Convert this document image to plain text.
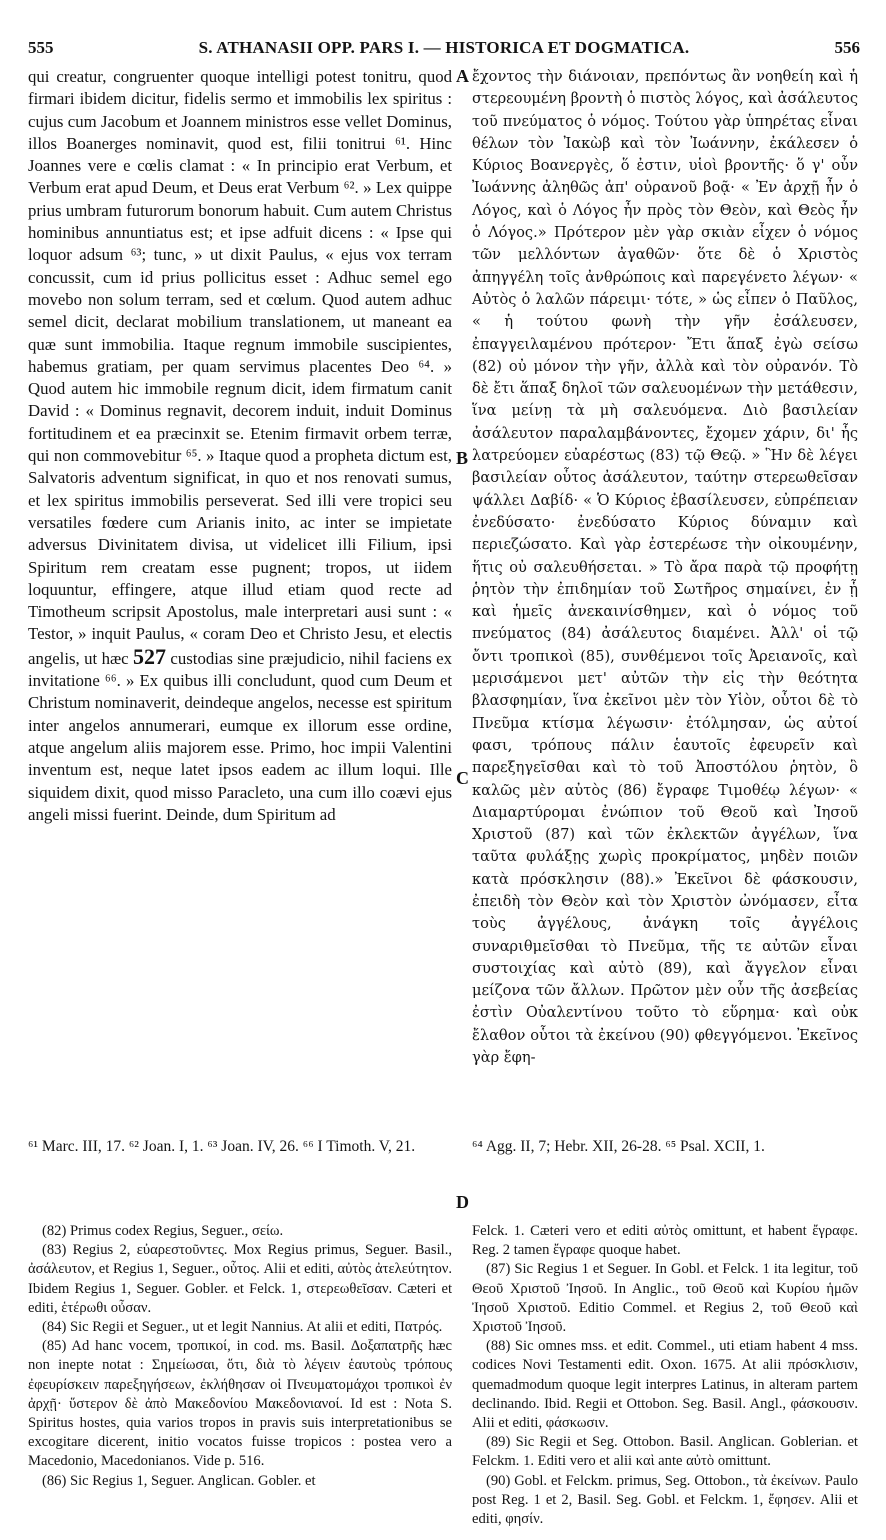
555	S. ATHANASII OPP. PARS I. — HISTORICA ET DOGMATICA.	556

qui creatur, congruenter quoque intelligi potest tonitru, quod firmari ibidem dicitur, fidelis sermo et immobilis lex spiritus : cujus cum Jacobum et Joannem ministros esse vellet Dominus, illos Boanerges nominavit, quod est, filii tonitrui ⁶¹. Hinc Joannes vere e cœlis clamat : « In principio erat Verbum, et Verbum erat apud Deum, et Deus erat Verbum ⁶². » Lex quippe prius umbram futurorum bonorum habuit. Cum autem Christus hominibus annuntiatus est; et ipse adfuit dicens : « Ipse qui loquor adsum ⁶³; tunc, » ut dixit Paulus, « ejus vox terram concussit, cum id prius pollicitus esset : Adhuc semel ego movebo non solum terram, sed et cœlum. Quod autem adhuc semel dicit, declarat mobilium translationem, ut maneant ea quæ sunt immobilia. Itaque regnum immobile suscipientes, habemus gratiam, per quam servimus placentes Deo ⁶⁴. » Quod autem hic immobile regnum dicit, idem firmatum canit David : « Dominus regnavit, decorem induit, induit Dominus fortitudinem et ea præcinxit se. Etenim firmavit orbem terræ, qui non commovebitur ⁶⁵. » Itaque quod a propheta dictum est, Salvatoris adventum significat, in quo et nos renovati sumus, et lex spiritus immobilis perseverat. Sed illi vere tropici seu versatiles fœdere cum Arianis inito, ac inter se impietate adversus Divinitatem divisa, ut videlicet illi Filium, ipsi Spiritum rem creatam esse pugnent; tropos, ut iidem loquuntur, effingere, atque illud etiam quod recte ad Timotheum scripsit Apostolus, male interpretari ausi sunt : « Testor, » inquit Paulus, « coram Deo et Christo Jesu, et electis angelis, ut hæc 527 custodias sine præjudicio, nihil faciens ex invitatione ⁶⁶. » Ex quibus illi concludunt, quod cum Deum et Christum nominaverit, deindeque angelos, necesse est spiritum inter angelos annumerari, eumque ex illorum esse ordine, atque angelum aliis majorem esse. Primo, hoc impii Valentini inventum est, neque latet ipsos eadem ac illum loqui. Ille siquidem dixit, quod misso Paracleto, una cum illo coævi ejus angeli missi fuerint. Deinde, dum Spiritum ad

A
B
C
D

ἔχοντος τὴν διάνοιαν, πρεπόντως ἂν νοηθείη καὶ ἡ στερεουμένη βροντὴ ὁ πιστὸς λόγος, καὶ ἀσάλευτος τοῦ πνεύματος ὁ νόμος. Τούτου γὰρ ὑπηρέτας εἶναι θέλων τὸν Ἰακὼβ καὶ τὸν Ἰωάννην, ἐκάλεσεν ὁ Κύριος Βοανεργὲς, ὅ ἐστιν, υἱοὶ βροντῆς· ὅ γ' οὖν Ἰωάννης ἀληθῶς ἀπ' οὐρανοῦ βοᾷ· « Ἐν ἀρχῇ ἦν ὁ Λόγος, καὶ ὁ Λόγος ἦν πρὸς τὸν Θεὸν, καὶ Θεὸς ἦν ὁ Λόγος.» Πρότερον μὲν γὰρ σκιὰν εἶχεν ὁ νόμος τῶν μελλόντων ἀγαθῶν· ὅτε δὲ ὁ Χριστὸς ἀπηγγέλη τοῖς ἀνθρώποις καὶ παρεγένετο λέγων· « Αὐτὸς ὁ λαλῶν πάρειμι· τότε, » ὡς εἶπεν ὁ Παῦλος, « ἡ τούτου φωνὴ τὴν γῆν ἐσάλευσεν, ἐπαγγειλαμένου πρότερον· Ἔτι ἅπαξ ἐγὼ σείσω (82) οὐ μόνον τὴν γῆν, ἀλλὰ καὶ τὸν οὐρανόν. Τὸ δὲ ἔτι ἅπαξ δηλοῖ τῶν σαλευομένων τὴν μετάθεσιν, ἵνα μείνῃ τὰ μὴ σαλευόμενα. Διὸ βασιλείαν ἀσάλευτον παραλαμβάνοντες, ἔχομεν χάριν, δι' ἧς λατρεύομεν εὐαρέστως (83) τῷ Θεῷ. » Ἣν δὲ λέγει βασιλείαν οὗτος ἀσάλευτον, ταύτην στερεωθεῖσαν ψάλλει Δαβίδ· « Ὁ Κύριος ἐβασίλευσεν, εὐπρέπειαν ἐνεδύσατο· ἐνεδύσατο Κύριος δύναμιν καὶ περιεζώσατο. Καὶ γὰρ ἐστερέωσε τὴν οἰκουμένην, ἥτις οὐ σαλευθήσεται. » Τὸ ἄρα παρὰ τῷ προφήτῃ ῥητὸν τὴν ἐπιδημίαν τοῦ Σωτῆρος σημαίνει, ἐν ᾗ καὶ ἡμεῖς ἀνεκαινίσθημεν, καὶ ὁ νόμος τοῦ πνεύματος (84) ἀσάλευτος διαμένει. Ἀλλ' οἱ τῷ ὄντι τροπικοὶ (85), συνθέμενοι τοῖς Ἀρειανοῖς, καὶ μερισάμενοι μετ' αὐτῶν τὴν εἰς τὴν θεότητα βλασφημίαν, ἵνα ἐκεῖνοι μὲν τὸν Υἱὸν, οὗτοι δὲ τὸ Πνεῦμα κτίσμα λέγωσιν· ἐτόλμησαν, ὡς αὐτοί φασι, τρόπους πάλιν ἑαυτοῖς ἐφευρεῖν καὶ παρεξηγεῖσθαι καὶ τὸ τοῦ Ἀποστόλου ῥητὸν, ὃ καλῶς μὲν αὐτὸς (86) ἔγραφε Τιμοθέῳ λέγων· « Διαμαρτύρομαι ἐνώπιον τοῦ Θεοῦ καὶ Ἰησοῦ Χριστοῦ (87) καὶ τῶν ἐκλεκτῶν ἀγγέλων, ἵνα ταῦτα φυλάξῃς χωρὶς προκρίματος, μηδὲν ποιῶν κατὰ πρόσκλησιν (88).» Ἐκεῖνοι δὲ φάσκουσιν, ἐπειδὴ τὸν Θεὸν καὶ τὸν Χριστὸν ὠνόμασεν, εἶτα τοὺς ἀγγέλους, ἀνάγκη τοῖς ἀγγέλοις συναριθμεῖσθαι τὸ Πνεῦμα, τῆς τε αὐτῶν εἶναι συστοιχίας καὶ αὐτὸ (89), καὶ ἄγγελον εἶναι μείζονα τῶν ἄλλων. Πρῶτον μὲν οὖν τῆς ἀσεβείας ἐστὶν Οὐαλεντίνου τοῦτο τὸ εὕρημα· καὶ οὐκ ἔλαθον οὗτοι τὰ ἐκείνου (90) φθεγγόμενοι. Ἐκεῖνος γὰρ ἔφη-

⁶¹ Marc. III, 17. ⁶² Joan. I, 1. ⁶³ Joan. IV, 26. ⁶⁶ I Timoth. V, 21.	⁶⁴ Agg. II, 7; Hebr. XII, 26-28. ⁶⁵ Psal. XCII, 1.

(82) Primus codex Regius, Seguer., σείω.

(83) Regius 2, εὐαρεστοῦντες. Mox Regius primus, Seguer. Basil., ἀσάλευτον, et Regius 1, Seguer., οὗτος. Alii et editi, αὐτὸς ἀτελεύτητον. Ibidem Regius 1, Seguer. Gobler. et Felck. 1, στερεωθεῖσαν. Cæteri et editi, ἑτέρωθι οὖσαν.

(84) Sic Regii et Seguer., ut et legit Nannius. At alii et editi, Πατρός.

(85) Ad hanc vocem, τροπικοί, in cod. ms. Basil. Δοξαπατρῆς hæc non inepte notat : Σημείωσαι, ὅτι, διὰ τὸ λέγειν ἑαυτοὺς τρόπους ἐφευρίσκειν παρεξηγήσεων, ἐκλήθησαν οἱ Πνευματομάχοι τροπικοὶ ἐν ἀρχῇ· ὕστερον δὲ ἀπὸ Μακεδονίου Μακεδονιανοί. Id est : Nota S. Spiritus hostes, quia varios tropos in pravis suis interpretationibus se excogitare dicerent, initio vocatos fuisse tropicos : postea vero a Macedonio, Macedonianos. Vide p. 516.

(86) Sic Regius 1, Seguer. Anglican. Gobler. et

Felck. 1. Cæteri vero et editi αὐτὸς omittunt, et habent ἔγραφε. Reg. 2 tamen ἔγραφε quoque habet.

(87) Sic Regius 1 et Seguer. In Gobl. et Felck. 1 ita legitur, τοῦ Θεοῦ Χριστοῦ Ἰησοῦ. In Anglic., τοῦ Θεοῦ καὶ Κυρίου ἡμῶν Ἰησοῦ Χριστοῦ. Editio Commel. et Regius 2, τοῦ Θεοῦ καὶ Χριστοῦ Ἰησοῦ.

(88) Sic omnes mss. et edit. Commel., uti etiam habent 4 mss. codices Novi Testamenti edit. Oxon. 1675. At alii πρόσκλισιν, quemadmodum quoque legit interpres Latinus, in alteram partem declinando. Ibid. Regii et Ottobon. Seg. Basil. Angl., φάσκουσιν. Alii et editi, φάσκωσιν.

(89) Sic Regii et Seg. Ottobon. Basil. Anglican. Goblerian. et Felckm. 1. Editi vero et alii καὶ ante αὐτὸ omittunt.

(90) Gobl. et Felckm. primus, Seg. Ottobon., τὰ ἐκείνων. Paulo post Reg. 1 et 2, Basil. Seg. Gobl. et Felckm. 1, ἔφησεν. Alii et editi, φησίν.
